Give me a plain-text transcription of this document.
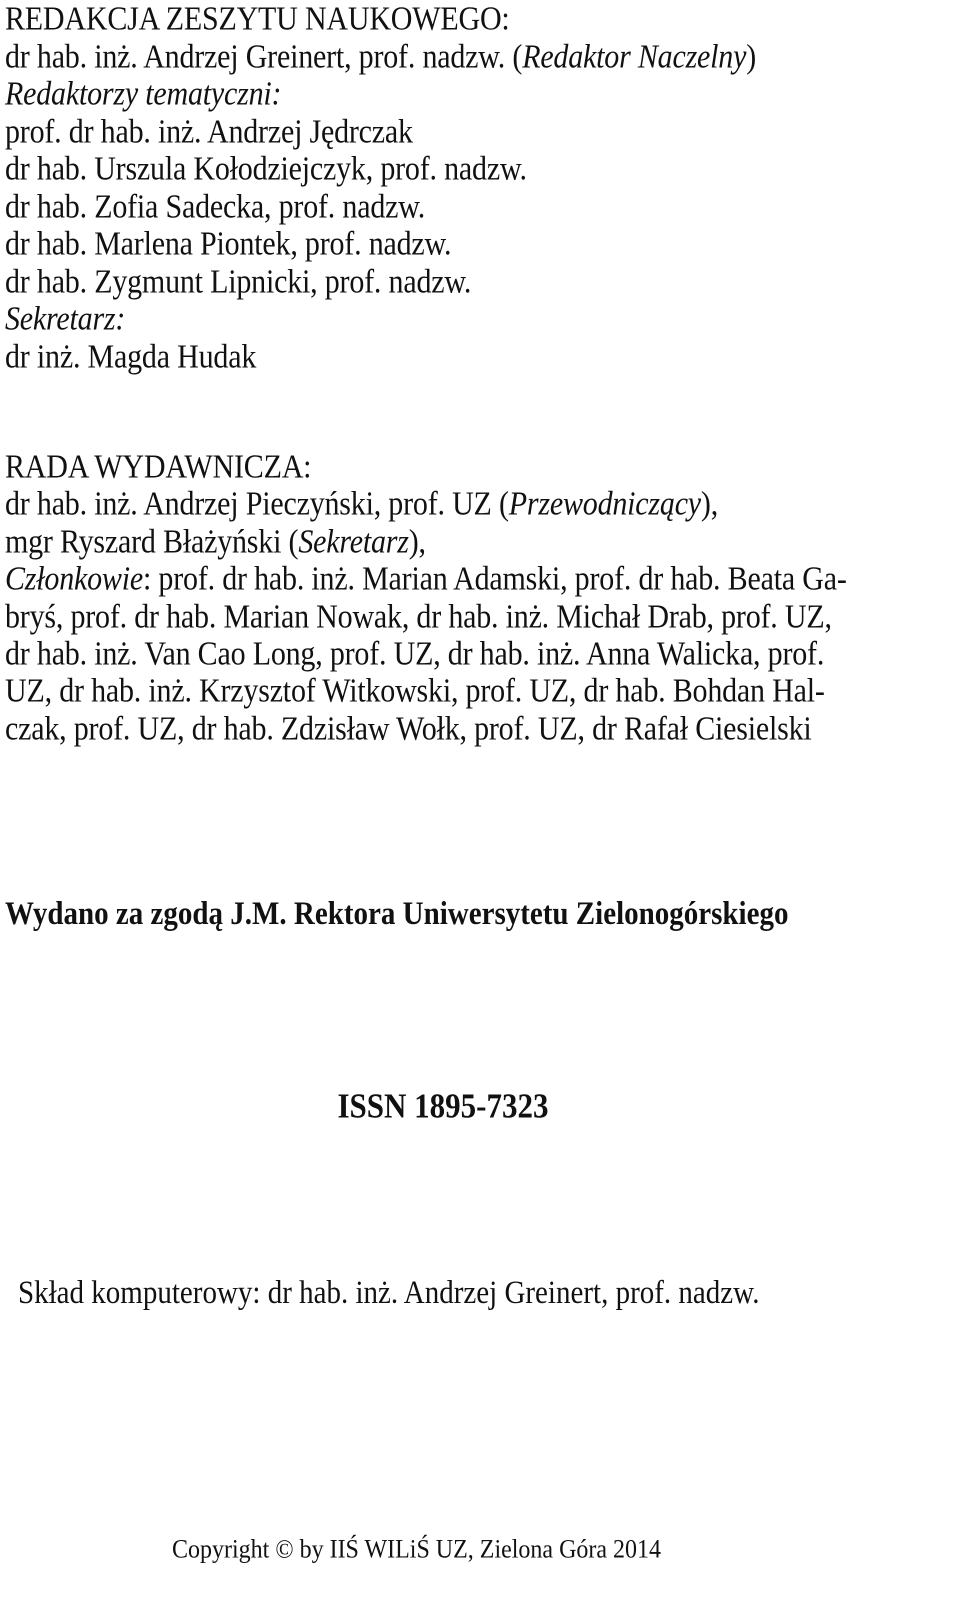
REDAKCJA ZESZYTU NAUKOWEGO:
dr hab. inż. Andrzej Greinert, prof. nadzw. (Redaktor Naczelny)
Redaktorzy tematyczni:
prof. dr hab. inż. Andrzej Jędrczak
dr hab. Urszula Kołodziejczyk, prof. nadzw.
dr hab. Zofia Sadecka, prof. nadzw.
dr hab. Marlena Piontek, prof. nadzw.
dr hab. Zygmunt Lipnicki, prof. nadzw.
Sekretarz:
dr inż. Magda Hudak
RADA WYDAWNICZA:
dr hab. inż. Andrzej Pieczyński, prof. UZ (Przewodniczący),
mgr Ryszard Błażyński (Sekretarz),
Członkowie: prof. dr hab. inż. Marian Adamski, prof. dr hab. Beata Ga-
bryś, prof. dr hab. Marian Nowak, dr hab. inż. Michał Drab, prof. UZ,
dr hab. inż. Van Cao Long, prof. UZ, dr hab. inż. Anna Walicka, prof.
UZ, dr hab. inż. Krzysztof Witkowski, prof. UZ, dr hab. Bohdan Hal-
czak, prof. UZ, dr hab. Zdzisław Wołk, prof. UZ, dr Rafał Ciesielski
Wydano za zgodą J.M. Rektora Uniwersytetu Zielonogórskiego
ISSN 1895-7323
Skład komputerowy: dr hab. inż. Andrzej Greinert, prof. nadzw.
Copyright © by IIŚ WILiŚ UZ, Zielona Góra 2014
